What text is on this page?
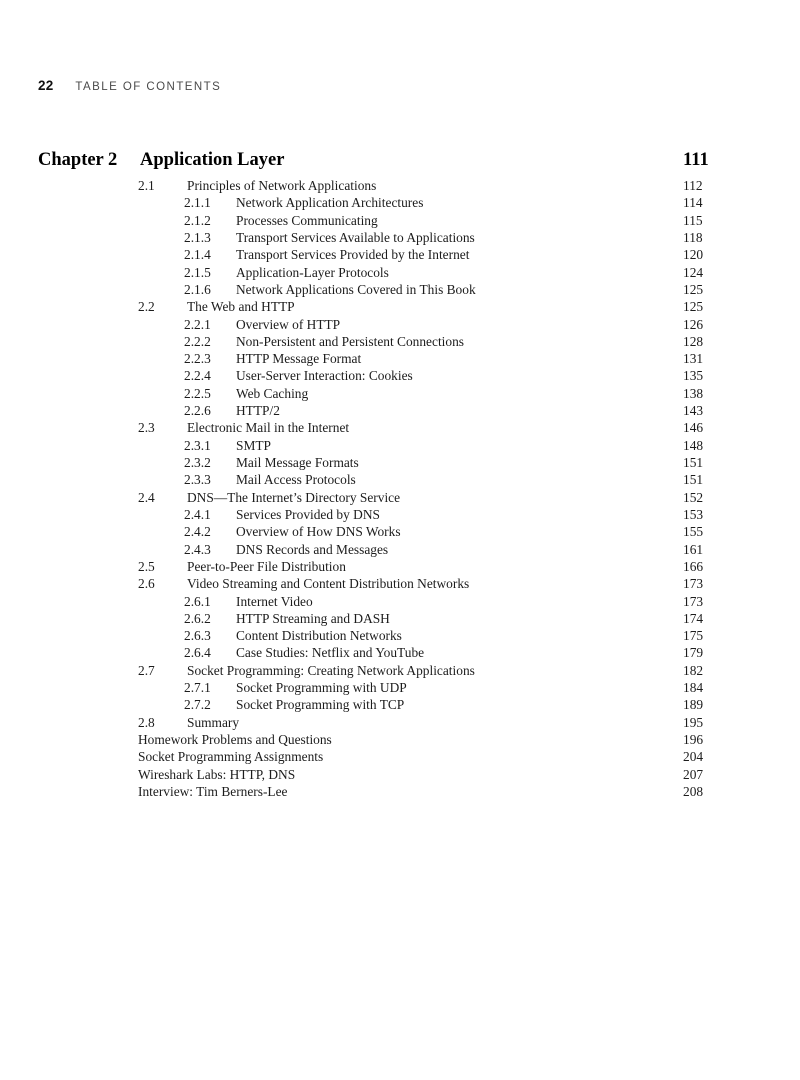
22 TABLE OF CONTENTS
Chapter 2 Application Layer	111
2.1 Principles of Network Applications	112
2.1.1 Network Application Architectures	114
2.1.2 Processes Communicating	115
2.1.3 Transport Services Available to Applications	118
2.1.4 Transport Services Provided by the Internet	120
2.1.5 Application-Layer Protocols	124
2.1.6 Network Applications Covered in This Book	125
2.2 The Web and HTTP	125
2.2.1 Overview of HTTP	126
2.2.2 Non-Persistent and Persistent Connections	128
2.2.3 HTTP Message Format	131
2.2.4 User-Server Interaction: Cookies	135
2.2.5 Web Caching	138
2.2.6 HTTP/2	143
2.3 Electronic Mail in the Internet	146
2.3.1 SMTP	148
2.3.2 Mail Message Formats	151
2.3.3 Mail Access Protocols	151
2.4 DNS—The Internet’s Directory Service	152
2.4.1 Services Provided by DNS	153
2.4.2 Overview of How DNS Works	155
2.4.3 DNS Records and Messages	161
2.5 Peer-to-Peer File Distribution	166
2.6 Video Streaming and Content Distribution Networks	173
2.6.1 Internet Video	173
2.6.2 HTTP Streaming and DASH	174
2.6.3 Content Distribution Networks	175
2.6.4 Case Studies: Netflix and YouTube	179
2.7 Socket Programming: Creating Network Applications	182
2.7.1 Socket Programming with UDP	184
2.7.2 Socket Programming with TCP	189
2.8 Summary	195
Homework Problems and Questions	196
Socket Programming Assignments	204
Wireshark Labs: HTTP, DNS	207
Interview: Tim Berners-Lee	208
